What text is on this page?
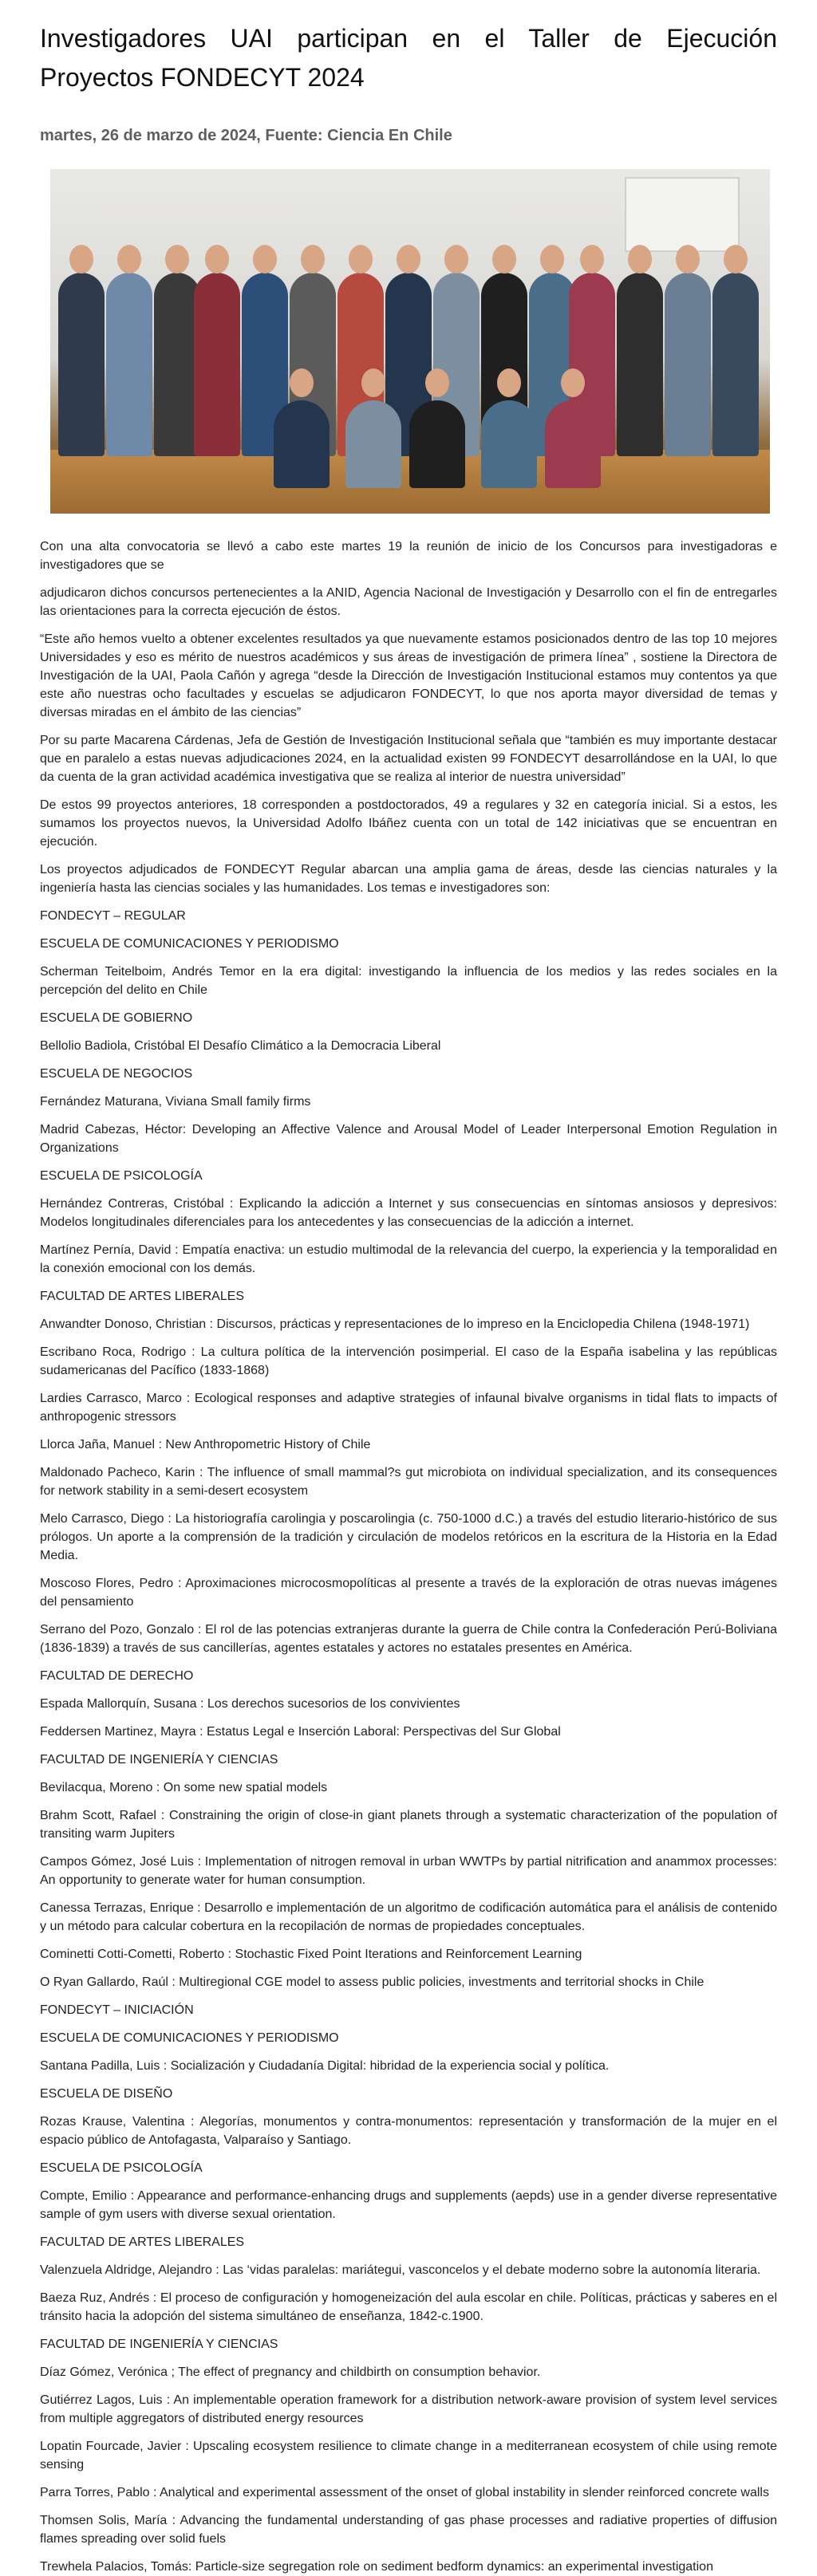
Investigadores UAI participan en el Taller de Ejecución Proyectos FONDECYT 2024
martes, 26 de marzo de 2024, Fuente: Ciencia En Chile

Con una alta convocatoria se llevó a cabo este martes 19 la reunión de inicio de los Concursos para investigadoras e investigadores que se

adjudicaron dichos concursos pertenecientes a la ANID, Agencia Nacional de Investigación y Desarrollo con el fin de entregarles las orientaciones para la correcta ejecución de éstos.

“Este año hemos vuelto a obtener excelentes resultados ya que nuevamente estamos posicionados dentro de las top 10 mejores Universidades y eso es mérito de nuestros académicos y sus áreas de investigación de primera línea” , sostiene la Directora de Investigación de la UAI, Paola Cañón y agrega “desde la Dirección de Investigación Institucional estamos muy contentos ya que este año nuestras ocho facultades y escuelas se adjudicaron FONDECYT, lo que nos aporta mayor diversidad de temas y diversas miradas en el ámbito de las ciencias”

Por su parte Macarena Cárdenas, Jefa de Gestión de Investigación Institucional señala que “también es muy importante destacar que en paralelo a estas nuevas adjudicaciones 2024, en la actualidad existen 99 FONDECYT desarrollándose en la UAI, lo que da cuenta de la gran actividad académica investigativa que se realiza al interior de nuestra universidad”

De estos 99 proyectos anteriores, 18 corresponden a postdoctorados, 49 a regulares y 32 en categoría inicial. Si a estos, les sumamos los proyectos nuevos, la Universidad Adolfo Ibáñez cuenta con un total de 142 iniciativas que se encuentran en ejecución.

Los proyectos adjudicados de FONDECYT Regular abarcan una amplia gama de áreas, desde las ciencias naturales y la ingeniería hasta las ciencias sociales y las humanidades. Los temas e investigadores son:

FONDECYT – REGULAR

ESCUELA DE COMUNICACIONES Y PERIODISMO

Scherman Teitelboim, Andrés Temor en la era digital: investigando la influencia de los medios y las redes sociales en la percepción del delito en Chile

ESCUELA DE GOBIERNO

Bellolio Badiola, Cristóbal El Desafío Climático a la Democracia Liberal

ESCUELA DE NEGOCIOS

Fernández Maturana, Viviana Small family firms

Madrid Cabezas, Héctor: Developing an Affective Valence and Arousal Model of Leader Interpersonal Emotion Regulation in Organizations

ESCUELA DE PSICOLOGÍA

Hernández Contreras, Cristóbal : Explicando la adicción a Internet y sus consecuencias en síntomas ansiosos y depresivos: Modelos longitudinales diferenciales para los antecedentes y las consecuencias de la adicción a internet.

Martínez Pernía, David : Empatía enactiva: un estudio multimodal de la relevancia del cuerpo, la experiencia y la temporalidad en la conexión emocional con los demás.

FACULTAD DE ARTES LIBERALES

Anwandter Donoso, Christian : Discursos, prácticas y representaciones de lo impreso en la Enciclopedia Chilena (1948-1971)

Escribano Roca, Rodrigo : La cultura política de la intervención posimperial. El caso de la España isabelina y las repúblicas sudamericanas del Pacífico (1833-1868)

Lardies Carrasco, Marco : Ecological responses and adaptive strategies of infaunal bivalve organisms in tidal flats to impacts of anthropogenic stressors

Llorca Jaña, Manuel : New Anthropometric History of Chile

Maldonado Pacheco, Karin : The influence of small mammal?s gut microbiota on individual specialization, and its consequences for network stability in a semi-desert ecosystem

Melo Carrasco, Diego : La historiografía carolingia y poscarolingia (c. 750-1000 d.C.) a través del estudio literario-histórico de sus prólogos. Un aporte a la comprensión de la tradición y circulación de modelos retóricos en la escritura de la Historia en la Edad Media.

Moscoso Flores, Pedro : Aproximaciones microcosmopolíticas al presente a través de la exploración de otras nuevas imágenes del pensamiento

Serrano del Pozo, Gonzalo : El rol de las potencias extranjeras durante la guerra de Chile contra la Confederación Perú-Boliviana (1836-1839) a través de sus cancillerías, agentes estatales y actores no estatales presentes en América.

FACULTAD DE DERECHO

Espada Mallorquín, Susana : Los derechos sucesorios de los convivientes

Feddersen Martinez, Mayra : Estatus Legal e Inserción Laboral: Perspectivas del Sur Global

FACULTAD DE INGENIERÍA Y CIENCIAS

Bevilacqua, Moreno : On some new spatial models

Brahm Scott, Rafael : Constraining the origin of close-in giant planets through a systematic characterization of the population of transiting warm Jupiters

Campos Gómez, José Luis : Implementation of nitrogen removal in urban WWTPs by partial nitrification and anammox processes: An opportunity to generate water for human consumption.

Canessa Terrazas, Enrique : Desarrollo e implementación de un algoritmo de codificación automática para el análisis de contenido y un método para calcular cobertura en la recopilación de normas de propiedades conceptuales.

Cominetti Cotti-Cometti, Roberto : Stochastic Fixed Point Iterations and Reinforcement Learning

O Ryan Gallardo, Raúl : Multiregional CGE model to assess public policies, investments and territorial shocks in Chile

FONDECYT – INICIACIÓN

ESCUELA DE COMUNICACIONES Y PERIODISMO

Santana Padilla, Luis : Socialización y Ciudadanía Digital: hibridad de la experiencia social y política.

ESCUELA DE DISEÑO

Rozas Krause, Valentina : Alegorías, monumentos y contra-monumentos: representación y transformación de la mujer en el espacio público de Antofagasta, Valparaíso y Santiago.

ESCUELA DE PSICOLOGÍA

Compte, Emilio : Appearance and performance-enhancing drugs and supplements (aepds) use in a gender diverse representative sample of gym users with diverse sexual orientation.

FACULTAD DE ARTES LIBERALES

Valenzuela Aldridge, Alejandro : Las ‘vidas paralelas: mariátegui, vasconcelos y el debate moderno sobre la autonomía literaria.

Baeza Ruz, Andrés : El proceso de configuración y homogeneización del aula escolar en chile. Políticas, prácticas y saberes en el tránsito hacia la adopción del sistema simultáneo de enseñanza, 1842-c.1900.

FACULTAD DE INGENIERÍA Y CIENCIAS

Díaz Gómez, Verónica ; The effect of pregnancy and childbirth on consumption behavior.

Gutiérrez Lagos, Luis : An implementable operation framework for a distribution network-aware provision of system level services from multiple aggregators of distributed energy resources

Lopatin Fourcade, Javier : Upscaling ecosystem resilience to climate change in a mediterranean ecosystem of chile using remote sensing

Parra Torres, Pablo : Analytical and experimental assessment of the onset of global instability in slender reinforced concrete walls

Thomsen Solis, María : Advancing the fundamental understanding of gas phase processes and radiative properties of diffusion flames spreading over solid fuels

Trewhela Palacios, Tomás: Particle-size segregation role on sediment bedform dynamics: an experimental investigation
